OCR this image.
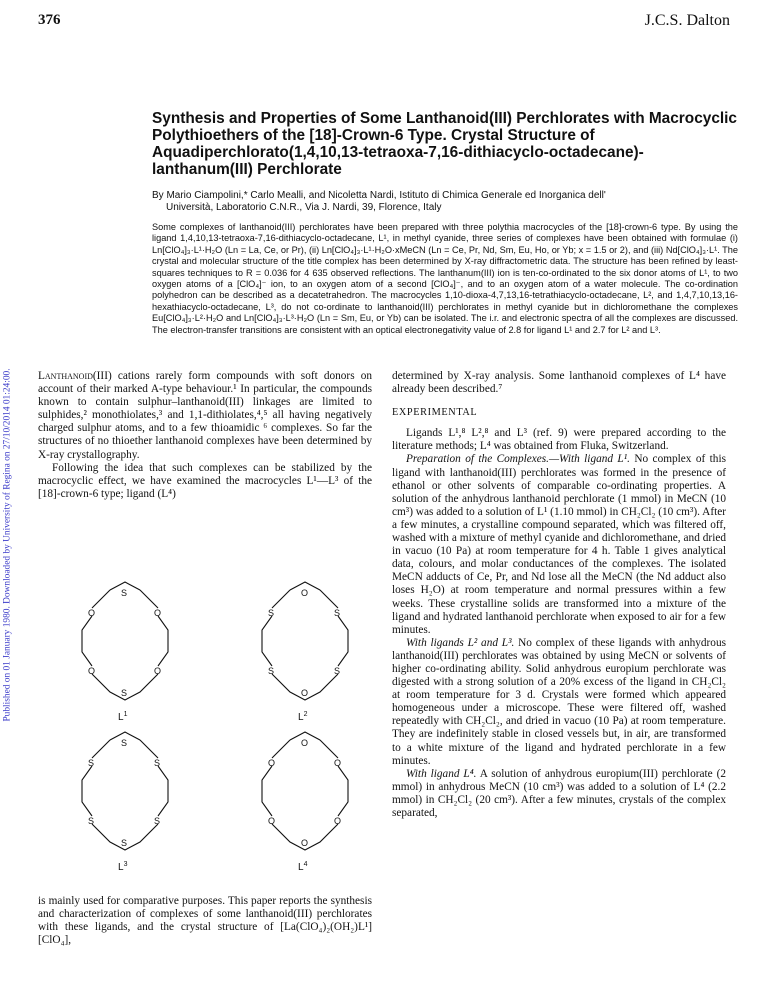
376	J.C.S. Dalton
Published on 01 January 1980. Downloaded by University of Regina on 27/10/2014 01:24:00.
Synthesis and Properties of Some Lanthanoid(III) Perchlorates with Macrocyclic Polythioethers of the [18]-Crown-6 Type. Crystal Structure of Aquadiperchlorato(1,4,10,13-tetraoxa-7,16-dithiacyclo-octadecane)-lanthanum(III) Perchlorate
By Mario Ciampolini,* Carlo Mealli, and Nicoletta Nardi, Istituto di Chimica Generale ed Inorganica dell'
Università, Laboratorio C.N.R., Via J. Nardi, 39, Florence, Italy
Some complexes of lanthanoid(III) perchlorates have been prepared with three polythia macrocycles of the [18]-crown-6 type. By using the ligand 1,4,10,13-tetraoxa-7,16-dithiacyclo-octadecane, L¹, in methyl cyanide, three series of complexes have been obtained with formulae (i) Ln[ClO₄]₃·L¹·H₂O (Ln = La, Ce, or Pr), (ii) Ln[ClO₄]₃·L¹·H₂O·xMeCN (Ln = Ce, Pr, Nd, Sm, Eu, Ho, or Yb; x = 1.5 or 2), and (iii) Nd[ClO₄]₃·L¹. The crystal and molecular structure of the title complex has been determined by X-ray diffractometric data. The structure has been refined by least-squares techniques to R = 0.036 for 4 635 observed reflections. The lanthanum(III) ion is ten-co-ordinated to the six donor atoms of L¹, to two oxygen atoms of a [ClO₄]⁻ ion, to an oxygen atom of a second [ClO₄]⁻, and to an oxygen atom of a water molecule. The co-ordination polyhedron can be described as a decatetrahedron. The macrocycles 1,10-dioxa-4,7,13,16-tetrathiacyclo-octadecane, L², and 1,4,7,10,13,16-hexathiacyclo-octadecane, L³, do not co-ordinate to lanthanoid(III) perchlorates in methyl cyanide but in dichloromethane the complexes Eu[ClO₄]₃·L²·H₂O and Ln[ClO₄]₃·L³·H₂O (Ln = Sm, Eu, or Yb) can be isolated. The i.r. and electronic spectra of all the complexes are discussed. The electron-transfer transitions are consistent with an optical electronegativity value of 2.8 for ligand L¹ and 2.7 for L² and L³.

Lanthanoid(III) cations rarely form compounds with soft donors on account of their marked A-type behaviour.¹ In particular, the compounds known to contain sulphur–lanthanoid(III) linkages are limited to sulphides,² monothiolates,³ and 1,1-dithiolates,⁴,⁵ all having negatively charged sulphur atoms, and to a few thioamidic ⁶ complexes. So far the structures of no thioether lanthanoid complexes have been determined by X-ray crystallography.

Following the idea that such complexes can be stabilized by the macrocyclic effect, we have examined the macrocycles L¹—L³ of the [18]-crown-6 type; ligand (L⁴)

S
O	O
O	O
S
O
S	S
S	S
O
S
S	S
S	S
S
O
O	O
O	O
O
$L^1$	$L^2$
$L^3$	$L^4$

is mainly used for comparative purposes. This paper reports the synthesis and characterization of complexes of some lanthanoid(III) perchlorates with these ligands, and the crystal structure of [La(ClO₄)₂(OH₂)L¹][ClO₄],

determined by X-ray analysis. Some lanthanoid complexes of L⁴ have already been described.⁷

EXPERIMENTAL

Ligands L¹,⁸ L²,⁸ and L³ (ref. 9) were prepared according to the literature methods; L⁴ was obtained from Fluka, Switzerland.

Preparation of the Complexes.—With ligand L¹. No complex of this ligand with lanthanoid(III) perchlorates was formed in the presence of ethanol or other solvents of comparable co-ordinating properties. A solution of the anhydrous lanthanoid perchlorate (1 mmol) in MeCN (10 cm³) was added to a solution of L¹ (1.10 mmol) in CH₂Cl₂ (10 cm³). After a few minutes, a crystalline compound separated, which was filtered off, washed with a mixture of methyl cyanide and dichloromethane, and dried in vacuo (10 Pa) at room temperature for 4 h. Table 1 gives analytical data, colours, and molar conductances of the complexes. The isolated MeCN adducts of Ce, Pr, and Nd lose all the MeCN (the Nd adduct also loses H₂O) at room temperature and normal pressures within a few weeks. These crystalline solids are transformed into a mixture of the ligand and hydrated lanthanoid perchlorate when exposed to air for a few minutes.

With ligands L² and L³. No complex of these ligands with anhydrous lanthanoid(III) perchlorates was obtained by using MeCN or solvents of higher co-ordinating ability. Solid anhydrous europium perchlorate was digested with a strong solution of a 20% excess of the ligand in CH₂Cl₂ at room temperature for 3 d. Crystals were formed which appeared homogeneous under a microscope. These were filtered off, washed repeatedly with CH₂Cl₂, and dried in vacuo (10 Pa) at room temperature. They are indefinitely stable in closed vessels but, in air, are transformed to a white mixture of the ligand and hydrated perchlorate in a few minutes.

With ligand L⁴. A solution of anhydrous europium(III) perchlorate (2 mmol) in anhydrous MeCN (10 cm³) was added to a solution of L⁴ (2.2 mmol) in CH₂Cl₂ (20 cm³). After a few minutes, crystals of the complex separated,
